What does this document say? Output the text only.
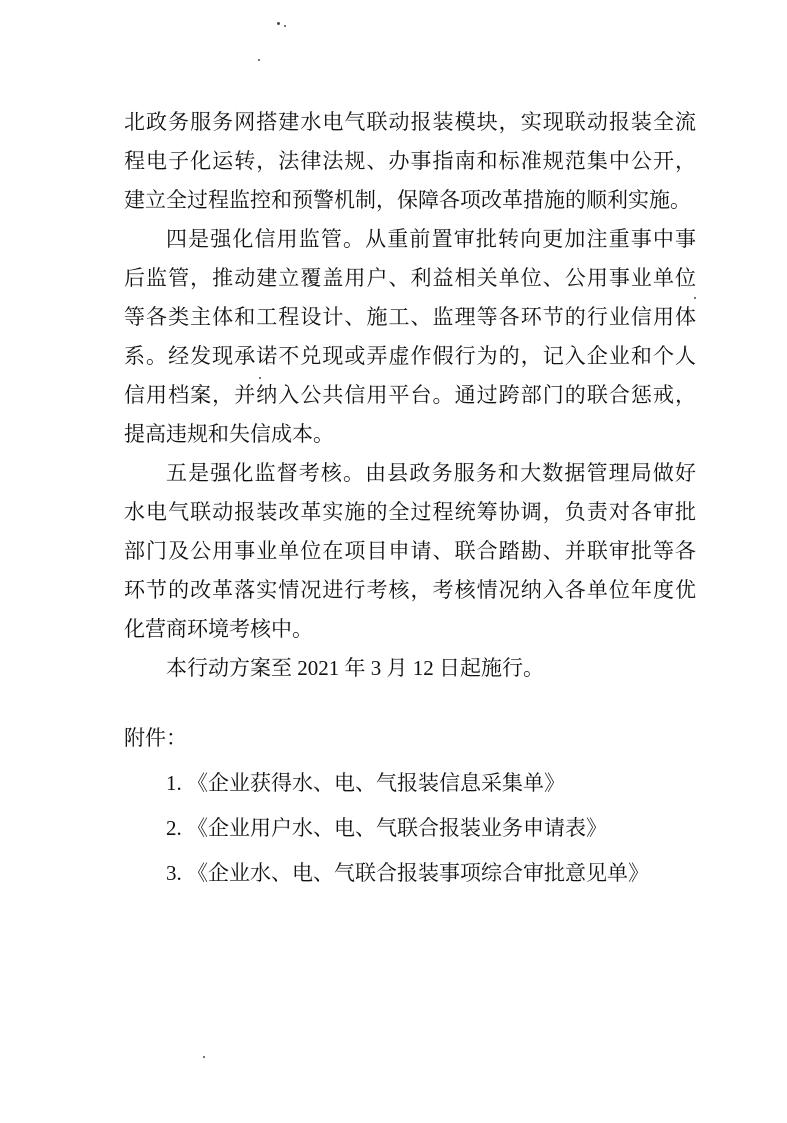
北政务服务网搭建水电气联动报装模块，实现联动报装全流
程电子化运转，法律法规、办事指南和标准规范集中公开，
建立全过程监控和预警机制，保障各项改革措施的顺利实施。
四是强化信用监管。从重前置审批转向更加注重事中事
后监管，推动建立覆盖用户、利益相关单位、公用事业单位
等各类主体和工程设计、施工、监理等各环节的行业信用体
系。经发现承诺不兑现或弄虚作假行为的，记入企业和个人
信用档案，并纳入公共信用平台。通过跨部门的联合惩戒，
提高违规和失信成本。
五是强化监督考核。由县政务服务和大数据管理局做好
水电气联动报装改革实施的全过程统筹协调，负责对各审批
部门及公用事业单位在项目申请、联合踏勘、并联审批等各
环节的改革落实情况进行考核，考核情况纳入各单位年度优
化营商环境考核中。
本行动方案至 2021 年 3 月 12 日起施行。
附件：
1. 《企业获得水、电、气报装信息采集单》
2. 《企业用户水、电、气联合报装业务申请表》
3. 《企业水、电、气联合报装事项综合审批意见单》
